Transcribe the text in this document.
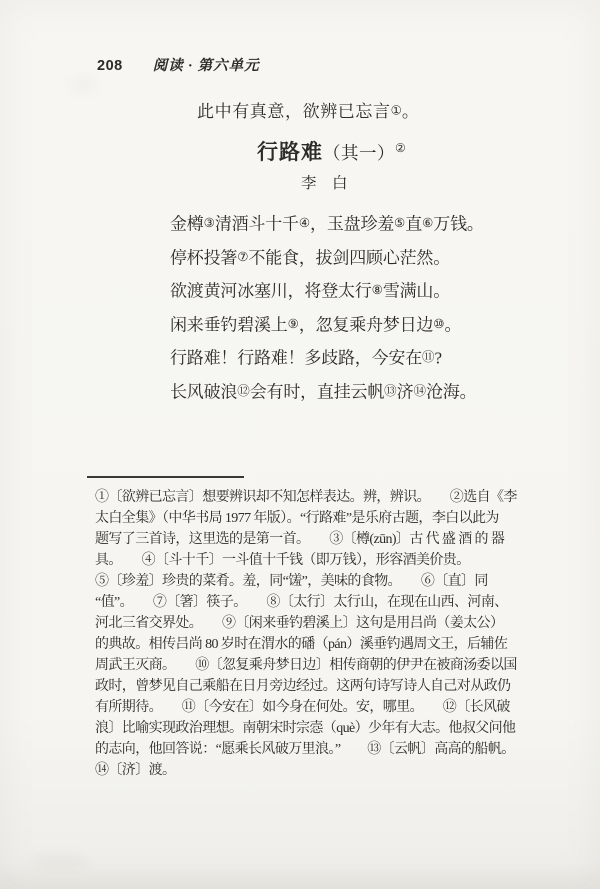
208 阅读 · 第六单元
此中有真意，欲辨已忘言①。
行路难（其一）②
李　白
金樽③清酒斗十千④，玉盘珍羞⑤直⑥万钱。
停杯投箸⑦不能食，拔剑四顾心茫然。
欲渡黄河冰塞川，将登太行⑧雪满山。
闲来垂钓碧溪上⑨，忽复乘舟梦日边⑩。
行路难！行路难！多歧路，今安在⑪?
长风破浪⑫会有时，直挂云帆⑬济⑭沧海。
①〔欲辨已忘言〕想要辨识却不知怎样表达。辨，辨识。　　②选自《李
太白全集》（中华书局 1977 年版）。“行路难”是乐府古题，李白以此为
题写了三首诗，这里选的是第一首。　　③〔樽(zūn)〕古 代 盛 酒 的 器
具。　　④〔斗十千〕一斗值十千钱（即万钱），形容酒美价贵。
⑤〔珍羞〕珍贵的菜肴。羞，同“馐”，美味的食物。　　⑥〔直〕同
“值”。　　⑦〔箸〕筷子。　　⑧〔太行〕太行山，在现在山西、河南、
河北三省交界处。　　⑨〔闲来垂钓碧溪上〕这句是用吕尚（姜太公）
的典故。相传吕尚 80 岁时在渭水的磻（pán）溪垂钓遇周文王，后辅佐
周武王灭商。　　⑩〔忽复乘舟梦日边〕相传商朝的伊尹在被商汤委以国
政时，曾梦见自己乘船在日月旁边经过。这两句诗写诗人自己对从政仍
有所期待。　　⑪〔今安在〕如今身在何处。安，哪里。　　⑫〔长风破
浪〕比喻实现政治理想。南朝宋时宗悫（què）少年有大志。他叔父问他
的志向，他回答说：“愿乘长风破万里浪。”　　⑬〔云帆〕高高的船帆。
⑭〔济〕渡。
